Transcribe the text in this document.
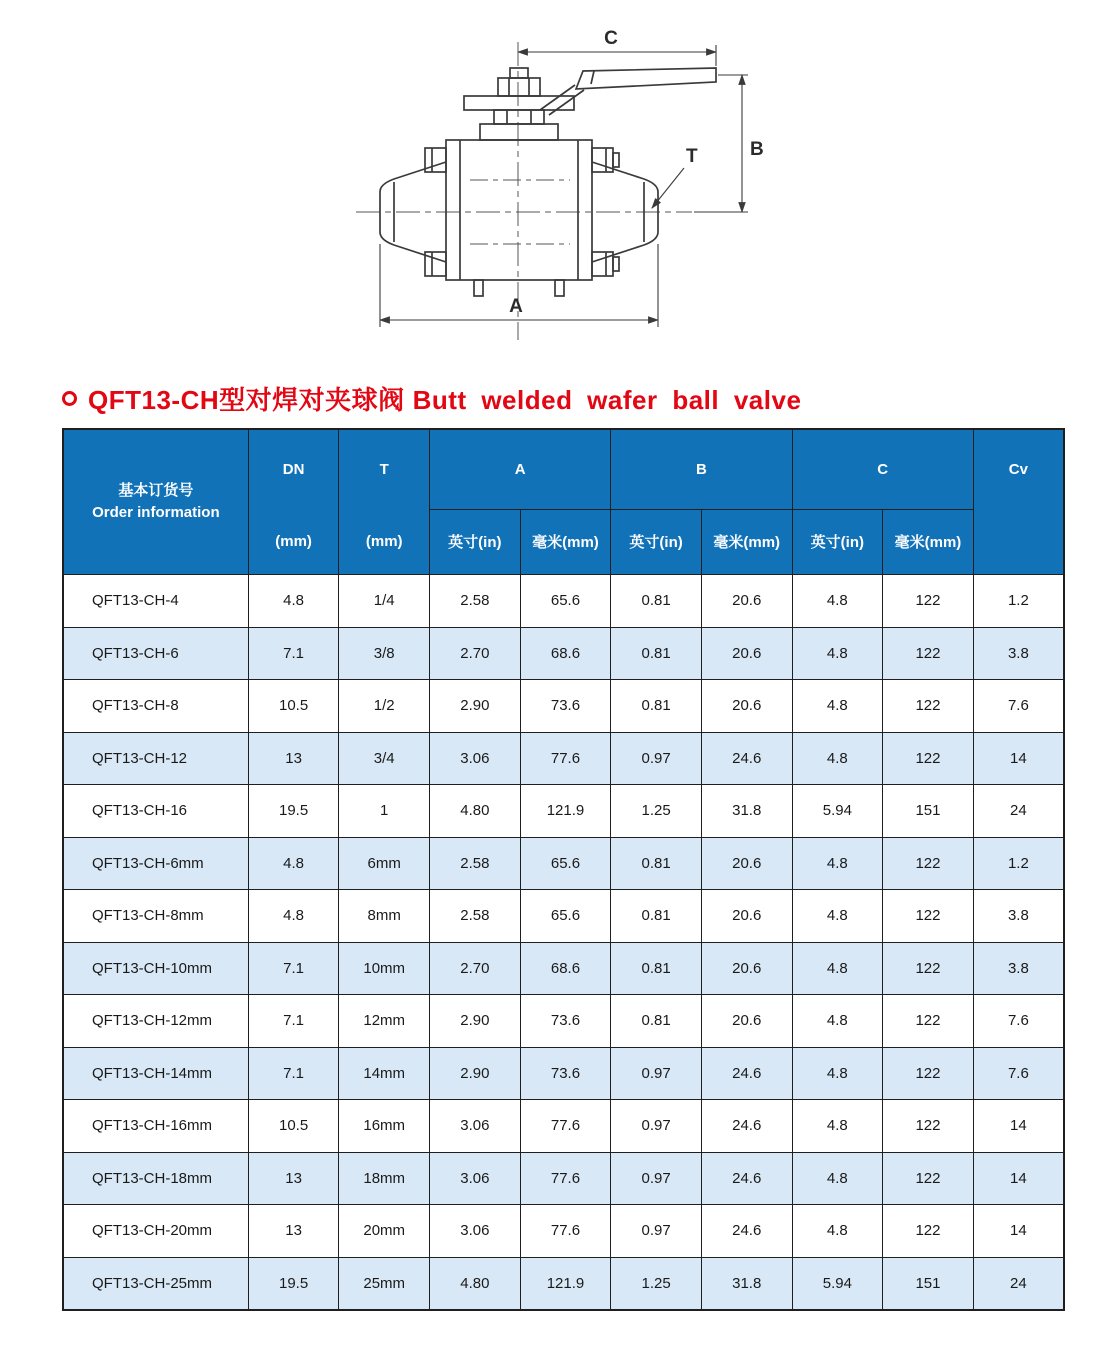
C
B
T
A
QFT13-CH型对焊对夹球阀 Butt welded wafer ball valve
基本订货号
Order information

DN
(mm)

T
(mm)
	A	B	C	Cv

			英寸(in)	毫米(mm)	英寸(in)	毫米(mm)	英寸(in)	毫米(mm)	
QFT13-CH-4	4.8	1/4	2.58	65.6	0.81	20.6	4.8	122	1.2
QFT13-CH-6	7.1	3/8	2.70	68.6	0.81	20.6	4.8	122	3.8
QFT13-CH-8	10.5	1/2	2.90	73.6	0.81	20.6	4.8	122	7.6
QFT13-CH-12	13	3/4	3.06	77.6	0.97	24.6	4.8	122	14
QFT13-CH-16	19.5	1	4.80	121.9	1.25	31.8	5.94	151	24
QFT13-CH-6mm	4.8	6mm	2.58	65.6	0.81	20.6	4.8	122	1.2
QFT13-CH-8mm	4.8	8mm	2.58	65.6	0.81	20.6	4.8	122	3.8
QFT13-CH-10mm	7.1	10mm	2.70	68.6	0.81	20.6	4.8	122	3.8
QFT13-CH-12mm	7.1	12mm	2.90	73.6	0.81	20.6	4.8	122	7.6
QFT13-CH-14mm	7.1	14mm	2.90	73.6	0.97	24.6	4.8	122	7.6
QFT13-CH-16mm	10.5	16mm	3.06	77.6	0.97	24.6	4.8	122	14
QFT13-CH-18mm	13	18mm	3.06	77.6	0.97	24.6	4.8	122	14
QFT13-CH-20mm	13	20mm	3.06	77.6	0.97	24.6	4.8	122	14
QFT13-CH-25mm	19.5	25mm	4.80	121.9	1.25	31.8	5.94	151	24
